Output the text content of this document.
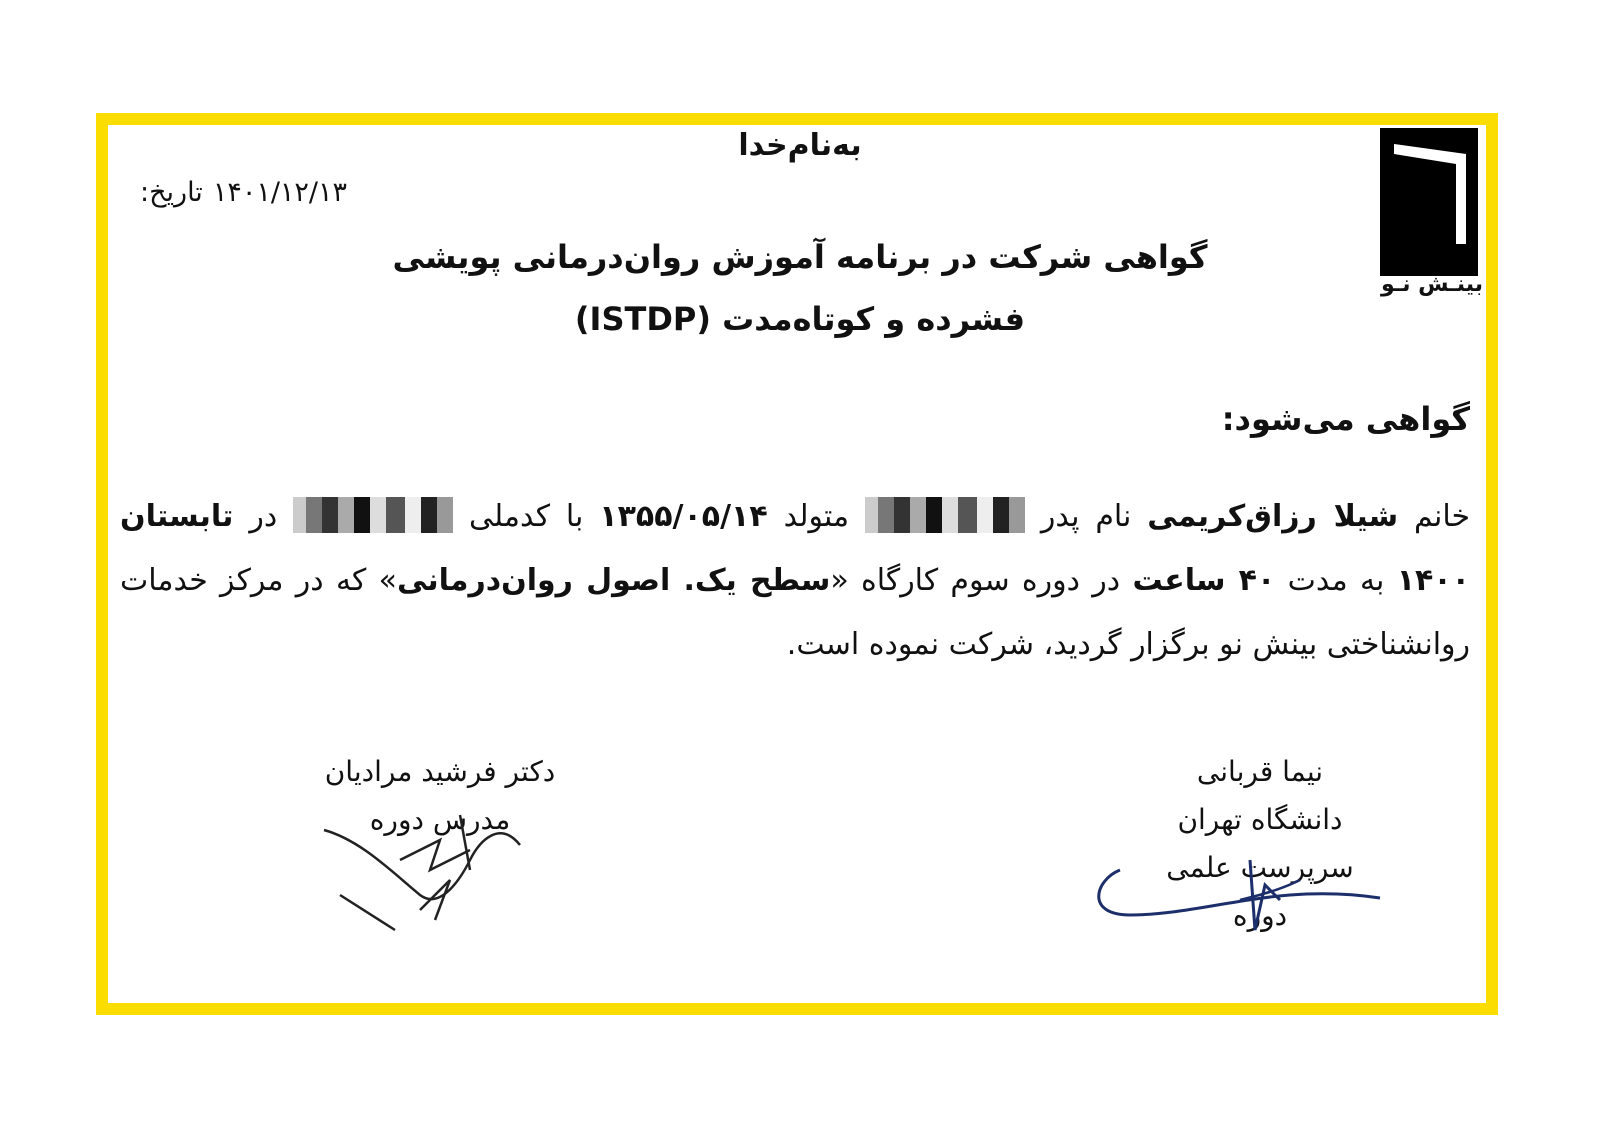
به‌نام‌خدا
تاریخ: ۱۴۰۱/۱۲/۱۳
بینـش نـو
گواهی شرکت در برنامه آموزش روان‌درمانی پویشی
فشرده و کوتاه‌مدت (ISTDP)
گواهی می‌شود:
خانم شیلا رزاق‌کریمی نام پدر  متولد ۱۳۵۵/۰۵/۱۴ با کدملی  در تابستان ۱۴۰۰ به مدت ۴۰ ساعت در دوره سوم کارگاه «سطح یک. اصول روان‌درمانی» که در مرکز خدمات روانشناختی بینش نو برگزار گردید، شرکت نموده است.
دکتر فرشید مرادیان
مدرس دوره
نیما قربانی
دانشگاه تهران
سرپرست علمی دوره
